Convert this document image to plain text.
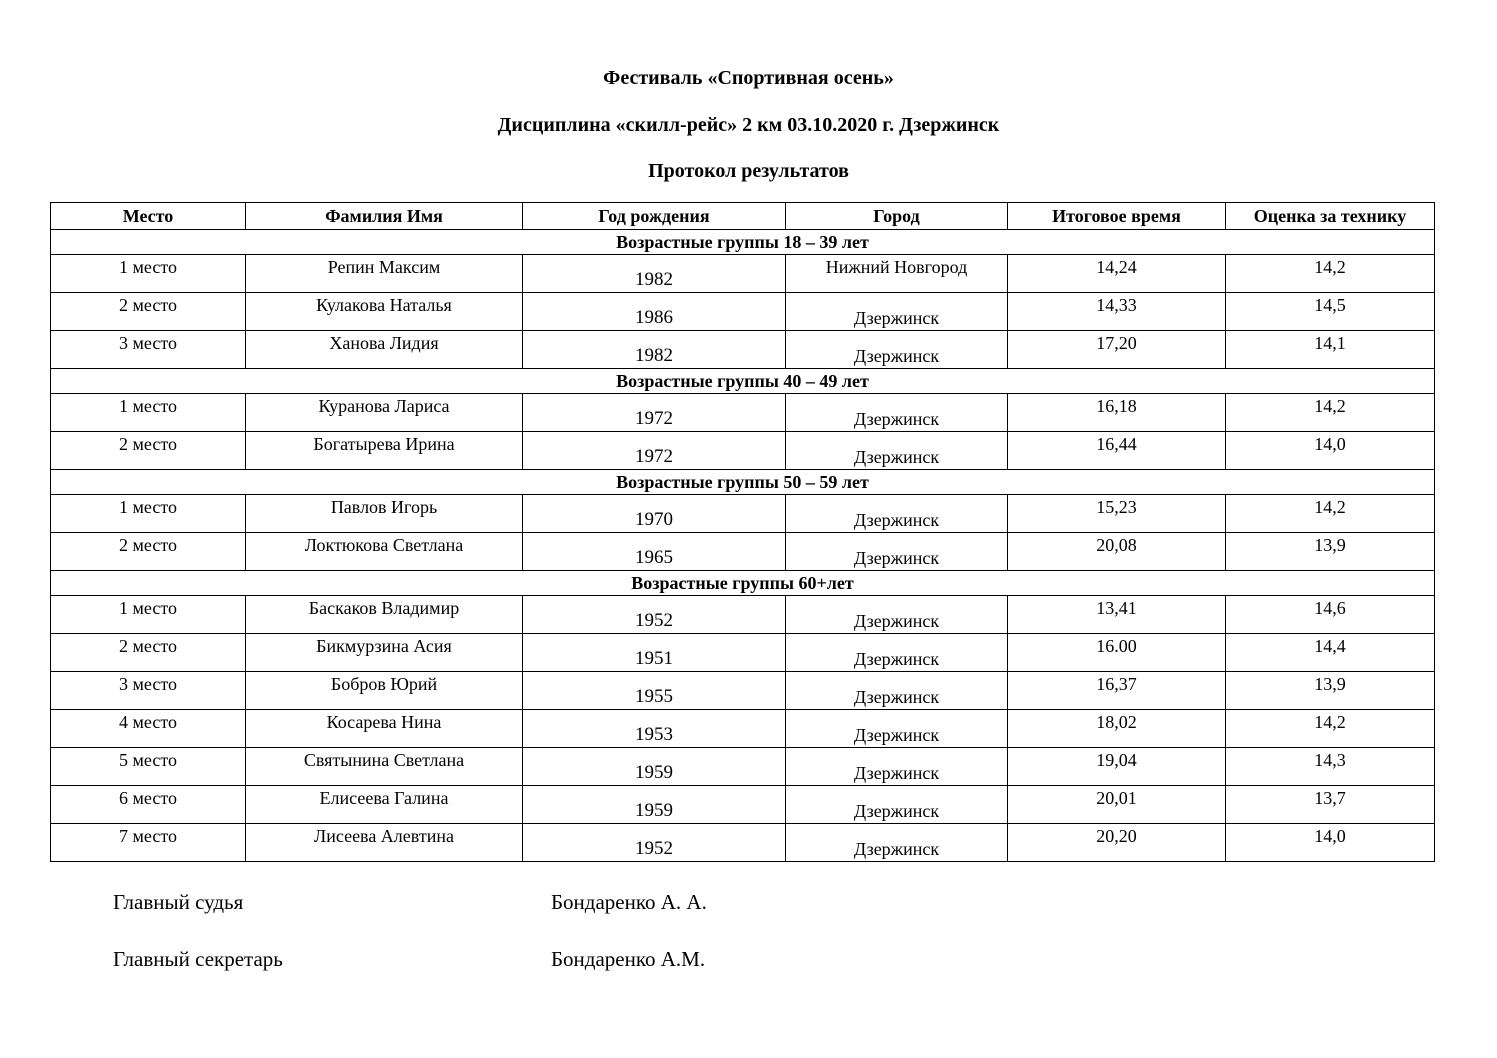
Фестиваль «Спортивная осень»

Дисциплина «скилл-рейс» 2 км 03.10.2020 г. Дзержинск

Протокол результатов

Место	Фамилия Имя	Год рождения	Город	Итоговое время	Оценка за технику
Возрастные группы 18 – 39 лет					
1 место	Репин Максим	1982	Нижний Новгород	14,24	14,2
2 место	Кулакова Наталья	1986	Дзержинск	14,33	14,5
3 место	Ханова Лидия	1982	Дзержинск	17,20	14,1
Возрастные группы 40 – 49 лет					
1 место	Куранова Лариса	1972	Дзержинск	16,18	14,2
2 место	Богатырева Ирина	1972	Дзержинск	16,44	14,0
Возрастные группы 50 – 59 лет					
1 место	Павлов Игорь	1970	Дзержинск	15,23	14,2
2 место	Локтюкова Светлана	1965	Дзержинск	20,08	13,9
Возрастные группы 60+лет					
1 место	Баскаков Владимир	1952	Дзержинск	13,41	14,6
2 место	Бикмурзина Асия	1951	Дзержинск	16.00	14,4
3 место	Бобров Юрий	1955	Дзержинск	16,37	13,9
4 место	Косарева Нина	1953	Дзержинск	18,02	14,2
5 место	Святынина Светлана	1959	Дзержинск	19,04	14,3
6 место	Елисеева Галина	1959	Дзержинск	20,01	13,7
7 место	Лисеева Алевтина	1952	Дзержинск	20,20	14,0

Главный судья	Бондаренко А. А.

Главный секретарь	Бондаренко А.М.
